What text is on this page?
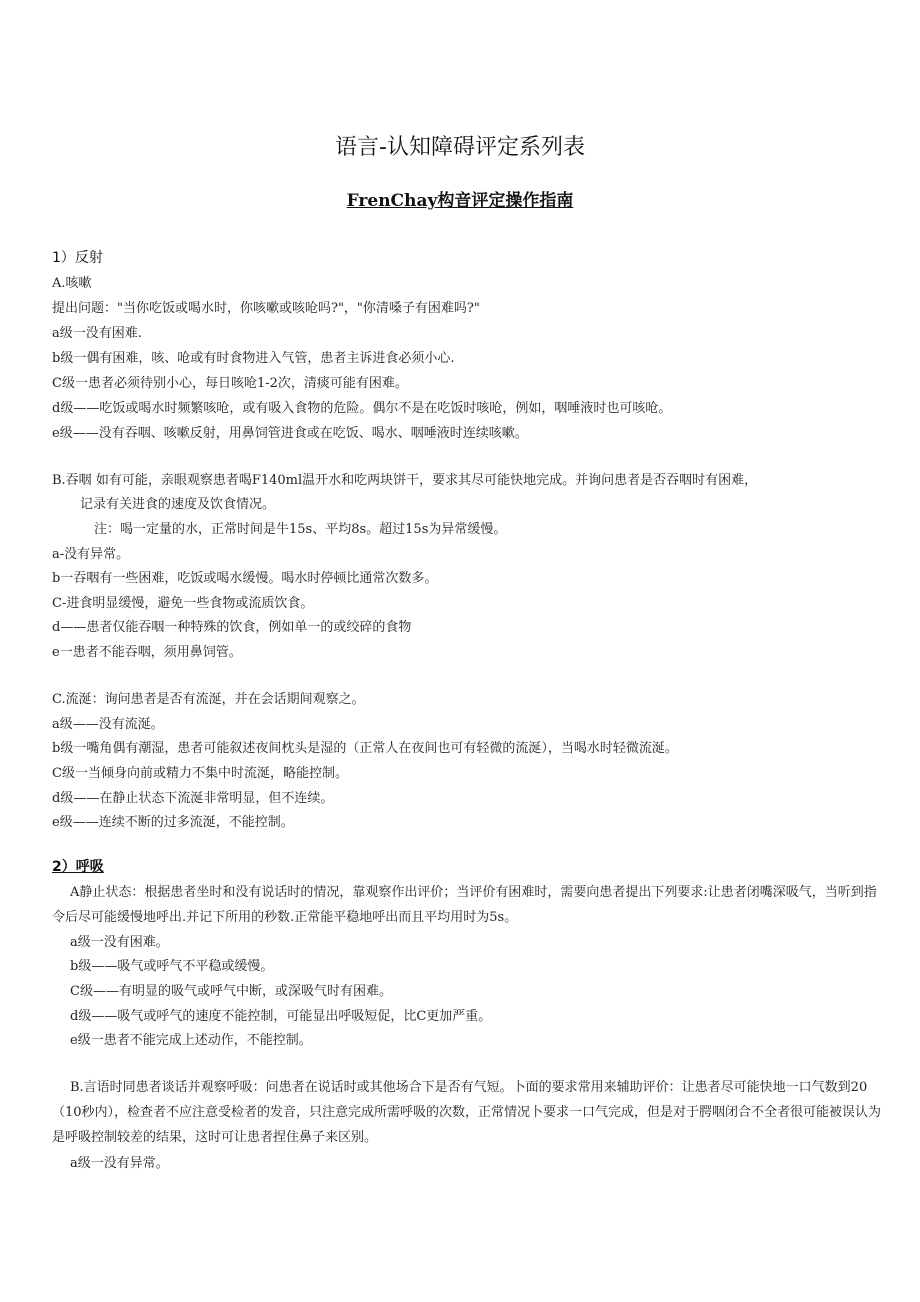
语言-认知障碍评定系列表
FrenChay构音评定操作指南
1）反射
A.咳嗽
提出问题："当你吃饭或喝水时，你咳嗽或咳呛吗?"，"你清嗓子有困难吗?"
a级一没有困难.
b级一偶有困难，咳、呛或有时食物进入气管，患者主诉进食必须小心.
C级一患者必须待别小心，每日咳呛1-2次，清痰可能有困难。
d级——吃饭或喝水时频繁咳呛，或有吸入食物的危险。偶尔不是在吃饭时咳呛，例如，咽唾液时也可咳呛。
e级——没有吞咽、咳嗽反射，用鼻饲管进食或在吃饭、喝水、咽唾液时连续咳嗽。
B.吞咽 如有可能，亲眼观察患者喝F140ml温开水和吃两块饼干，要求其尽可能快地完成。并询问患者是否吞咽时有困难，
记录有关进食的速度及饮食情况。
注：喝一定量的水，正常时间是牛15s、平均8s。超过15s为异常缓慢。
a-没有异常。
b一吞咽有一些困难，吃饭或喝水缓慢。喝水时停顿比通常次数多。
C-进食明显缓慢，避免一些食物或流质饮食。
d——患者仅能吞咽一种特殊的饮食，例如单一的或绞碎的食物
e一患者不能吞咽，须用鼻饲管。
C.流涎：询问患者是否有流涎，并在会话期间观察之。
a级——没有流涎。
b级一嘴角偶有潮湿，患者可能叙述夜间枕头是湿的（正常人在夜间也可有轻微的流涎），当喝水时轻微流涎。
C级一当倾身向前或精力不集中时流涎，略能控制。
d级——在静止状态下流涎非常明显，但不连续。
e级——连续不断的过多流涎，不能控制。
2）呼吸
A静止状态：根据患者坐时和没有说话时的情况，靠观察作出评价；当评价有困难时，需要向患者提出下列要求:让患者闭嘴深吸气，当听到指令后尽可能缓慢地呼出.并记下所用的秒数.正常能平稳地呼出而且平均用时为5s。
a级一没有困难。
b级——吸气或呼气不平稳或缓慢。
C级——有明显的吸气或呼气中断，或深吸气时有困难。
d级——吸气或呼气的速度不能控制，可能显出呼吸短促，比C更加严重。
e级一患者不能完成上述动作，不能控制。
B.言语时同患者谈话并观察呼吸：问患者在说话时或其他场合下是否有气短。卜面的要求常用来辅助评价：让患者尽可能快地一口气数到20（10秒内），检查者不应注意受检者的发音，只注意完成所需呼吸的次数，正常情况卜要求一口气完成，但是对于腭咽闭合不全者很可能被误认为是呼吸控制较差的结果，这时可让患者捏住鼻子来区别。
a级一没有异常。
